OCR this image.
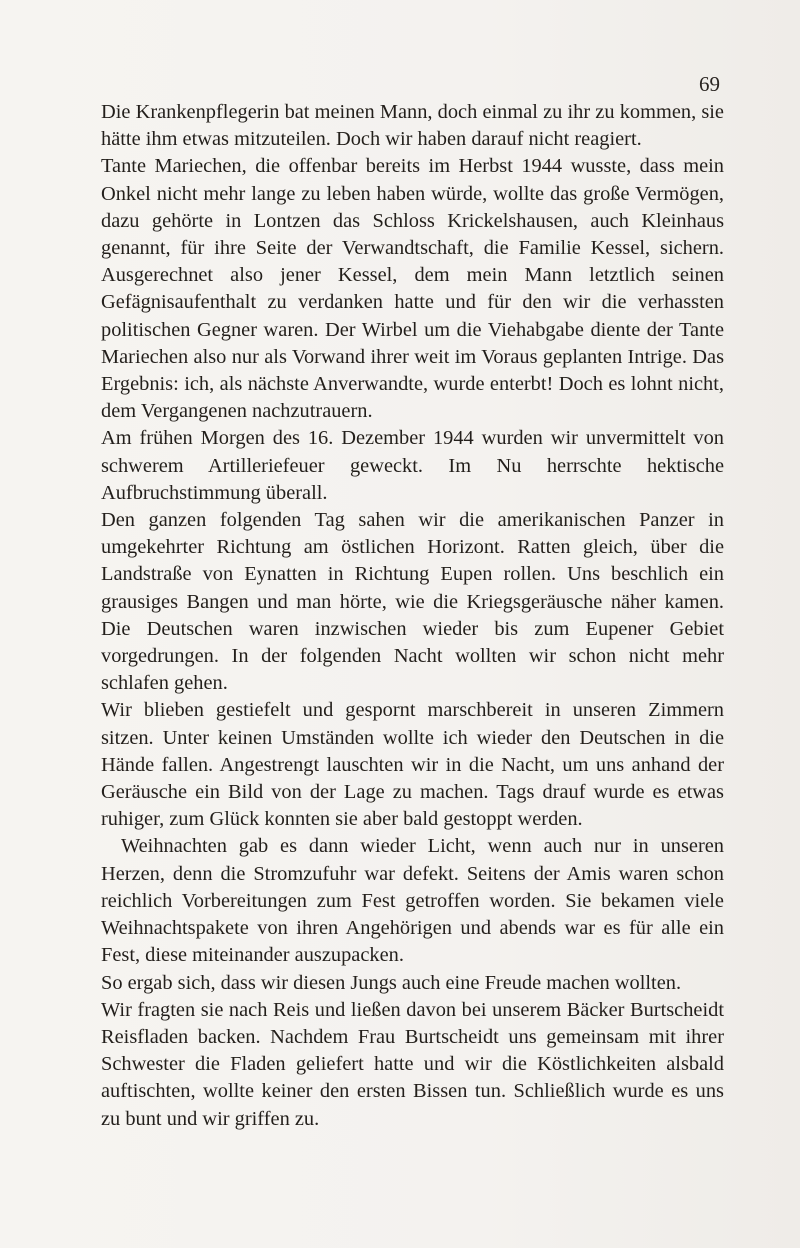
69

Die Krankenpflegerin bat meinen Mann, doch einmal zu ihr zu kommen, sie hätte ihm etwas mitzuteilen. Doch wir haben darauf nicht reagiert.

Tante Mariechen, die offenbar bereits im Herbst 1944 wusste, dass mein Onkel nicht mehr lange zu leben haben würde, wollte das große Vermögen, dazu gehörte in Lontzen das Schloss Krickelshausen, auch Kleinhaus genannt, für ihre Seite der Verwandtschaft, die Familie Kessel, sichern. Ausgerechnet also jener Kessel, dem mein Mann letztlich seinen Gefägnisaufenthalt zu verdanken hatte und für den wir die verhassten politischen Gegner waren. Der Wirbel um die Viehabgabe diente der Tante Mariechen also nur als Vorwand ihrer weit im Voraus geplanten Intrige. Das Ergebnis: ich, als nächste Anverwandte, wurde enterbt! Doch es lohnt nicht, dem Vergangenen nachzutrauern.

Am frühen Morgen des 16. Dezember 1944 wurden wir unvermittelt von schwerem Artilleriefeuer geweckt. Im Nu herrschte hektische Aufbruchstimmung überall.

Den ganzen folgenden Tag sahen wir die amerikanischen Panzer in umgekehrter Richtung am östlichen Horizont. Ratten gleich, über die Landstraße von Eynatten in Richtung Eupen rollen. Uns beschlich ein grausiges Bangen und man hörte, wie die Kriegsgeräusche näher kamen. Die Deutschen waren inzwischen wieder bis zum Eupener Gebiet vorgedrungen. In der folgenden Nacht wollten wir schon nicht mehr schlafen gehen.

Wir blieben gestiefelt und gespornt marschbereit in unseren Zimmern sitzen. Unter keinen Umständen wollte ich wieder den Deutschen in die Hände fallen. Angestrengt lauschten wir in die Nacht, um uns anhand der Geräusche ein Bild von der Lage zu machen. Tags drauf wurde es etwas ruhiger, zum Glück konnten sie aber bald gestoppt werden.

Weihnachten gab es dann wieder Licht, wenn auch nur in unseren Herzen, denn die Stromzufuhr war defekt. Seitens der Amis waren schon reichlich Vorbereitungen zum Fest getroffen worden. Sie bekamen viele Weihnachtspakete von ihren Angehörigen und abends war es für alle ein Fest, diese miteinander auszupacken.

So ergab sich, dass wir diesen Jungs auch eine Freude machen wollten.

Wir fragten sie nach Reis und ließen davon bei unserem Bäcker Burtscheidt Reisfladen backen. Nachdem Frau Burtscheidt uns gemeinsam mit ihrer Schwester die Fladen geliefert hatte und wir die Köstlichkeiten alsbald auftischten, wollte keiner den ersten Bissen tun. Schließlich wurde es uns zu bunt und wir griffen zu.
